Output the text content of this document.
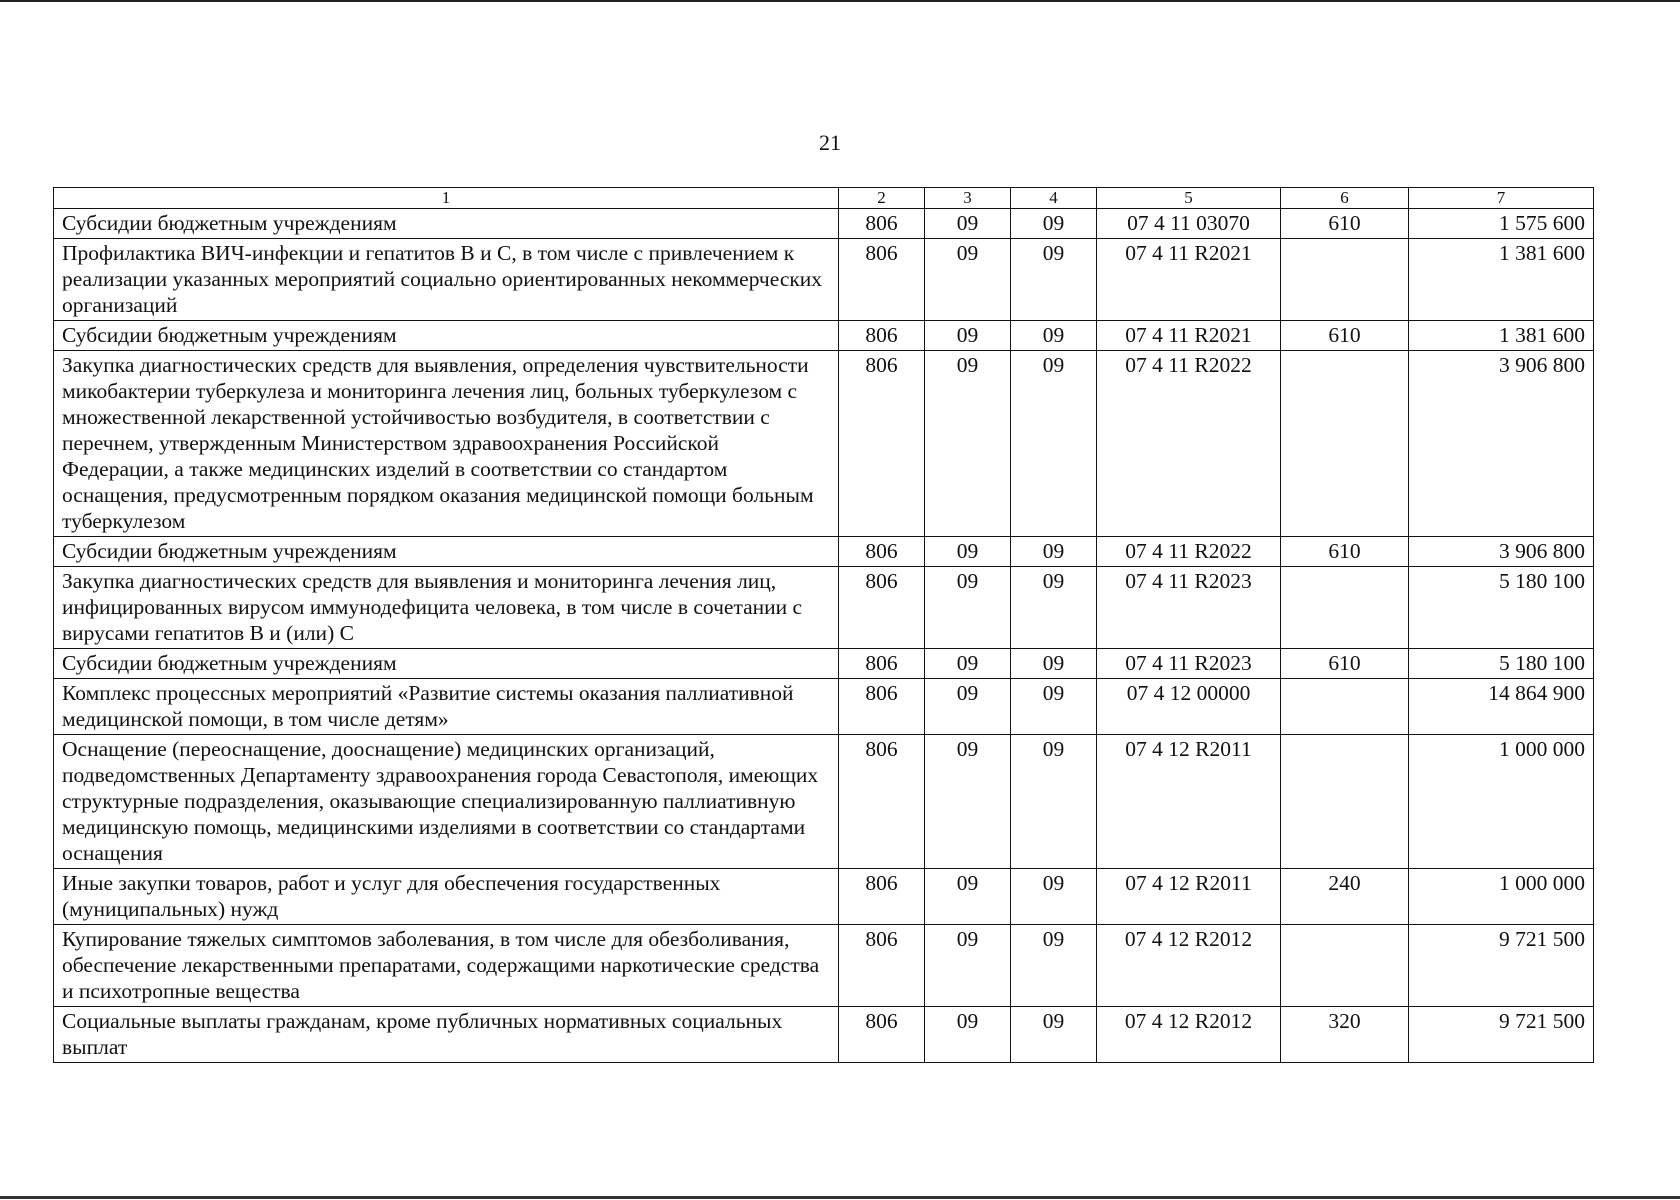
21
1	2	3	4	5	6	7
Субсидии бюджетным учреждениям	806	09	09	07 4 11 03070	610	1 575 600
Профилактика ВИЧ-инфекции и гепатитов В и С, в том числе с привлечением к реализации указанных мероприятий социально ориентированных некоммерческих организаций	806	09	09	07 4 11 R2021		1 381 600
Субсидии бюджетным учреждениям	806	09	09	07 4 11 R2021	610	1 381 600
Закупка диагностических средств для выявления, определения чувствительности микобактерии туберкулеза и мониторинга лечения лиц, больных туберкулезом с множественной лекарственной устойчивостью возбудителя, в соответствии с перечнем, утвержденным Министерством здравоохранения Российской Федерации, а также медицинских изделий в соответствии со стандартом оснащения, предусмотренным порядком оказания медицинской помощи больным туберкулезом	806	09	09	07 4 11 R2022		3 906 800
Субсидии бюджетным учреждениям	806	09	09	07 4 11 R2022	610	3 906 800
Закупка диагностических средств для выявления и мониторинга лечения лиц, инфицированных вирусом иммунодефицита человека, в том числе в сочетании с вирусами гепатитов В и (или) С	806	09	09	07 4 11 R2023		5 180 100
Субсидии бюджетным учреждениям	806	09	09	07 4 11 R2023	610	5 180 100
Комплекс процессных мероприятий «Развитие системы оказания паллиативной медицинской помощи, в том числе детям»	806	09	09	07 4 12 00000		14 864 900
Оснащение (переоснащение, дооснащение) медицинских организаций, подведомственных Департаменту здравоохранения города Севастополя, имеющих структурные подразделения, оказывающие специализированную паллиативную медицинскую помощь, медицинскими изделиями в соответствии со стандартами оснащения	806	09	09	07 4 12 R2011		1 000 000
Иные закупки товаров, работ и услуг для обеспечения государственных (муниципальных) нужд	806	09	09	07 4 12 R2011	240	1 000 000
Купирование тяжелых симптомов заболевания, в том числе для обезболивания, обеспечение лекарственными препаратами, содержащими наркотические средства и психотропные вещества	806	09	09	07 4 12 R2012		9 721 500
Социальные выплаты гражданам, кроме публичных нормативных социальных выплат	806	09	09	07 4 12 R2012	320	9 721 500
